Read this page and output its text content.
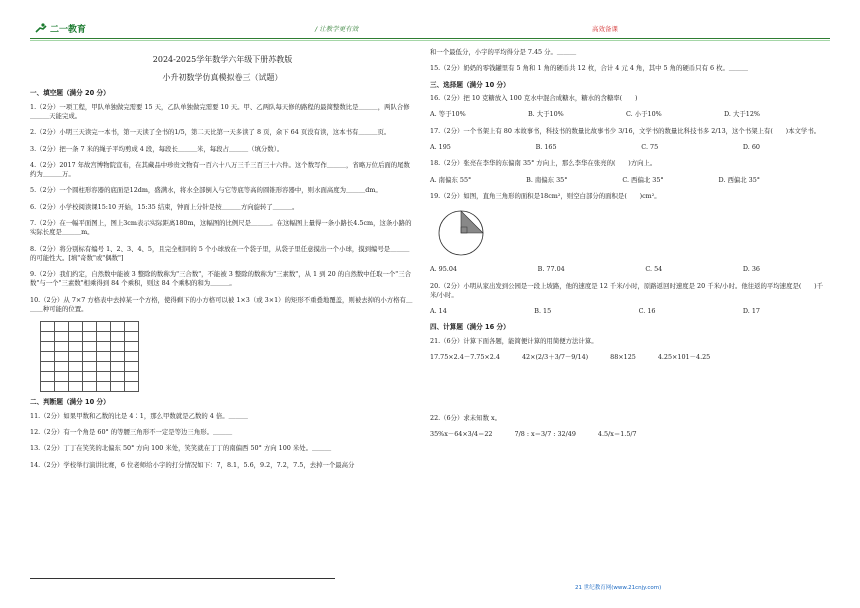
二一教育	/ 让教学更有效	高效备课
2024-2025学年数学六年级下册苏教版
小升初数学仿真模拟卷三（试题）
一、填空题（满分 20 分）
1.（2分）一项工程，甲队单独做完需要 15 天，乙队单独做完需要 10 天。甲、乙两队每天修的路程的最简整数比是＿＿＿，两队合修＿＿＿天能完成。
2.（2分）小明三天读完一本书，第一天读了全书的1/5，第二天比第一天多读了 8 页，余下 64 页没有读，这本书有＿＿＿页。
3.（2分）把一条 7 米的绳子平均剪成 4 段，每段长＿＿＿米，每段占＿＿＿（填分数）。
4.（2分）2017 年故宫博物院宣布，在其藏品中珍贵文物有一百六十八万三千三百三十六件。这个数写作＿＿＿，省略万位后面的尾数约为＿＿＿万。
5.（2分）一个圆柱形容器的底面是12dm，盛满水，将水全部倒入与它等底等高的圆锥形容器中，则水面高度为＿＿＿dm。
6.（2分）小学校阅读课15:10 开始，15:35 结束，钟面上分针是按＿＿＿方向旋转了＿＿＿。
7.（2分）在一幅平面图上，图上3cm表示实际距离180m，这幅图的比例尺是＿＿＿。在这幅图上量得一条小路长4.5cm，这条小路的实际长度是＿＿＿m。
8.（2分）将分别标有编号 1、2、3、4、5，且完全相同的 5 个小球放在一个袋子里，从袋子里任意摸出一个小球，摸到编号是＿＿＿的可能性大。[填"奇数"或"偶数"]
9.（2分）我们约定，自然数中能被 3 整除的数称为"三合数"，不能被 3 整除的数称为"三素数"，从 1 到 20 的自然数中任取一个"三合数"与一个"三素数"相乘得到 84 个乘积，则这 84 个乘积的和为＿＿＿。
10.（2分）从 7×7 方格表中去掉某一个方格，使得剩下的小方格可以被 1×3（或 3×1）的矩形不重叠地覆盖，则被去掉的小方格有＿＿＿种可能的位置。
二、判断题（满分 10 分）
11.（2分）如果甲数和乙数的比是 4∶1，那么甲数就是乙数的 4 倍。＿＿＿
12.（2分）有一个角是 60° 的等腰三角形不一定是等边三角形。＿＿＿
13.（2分）丁丁在笑笑的北偏东 50° 方向 100 米处，笑笑就在丁丁的南偏西 50° 方向 100 米处。＿＿＿
14.（2分）学校举行演讲比赛，6 位老师给小宇的打分情况如下：7，8.1，5.6，9.2，7.2，7.5，去掉一个最高分
和一个最低分，小宇的平均得分是 7.45 分。＿＿＿
15.（2分）奶奶的零钱罐里有 5 角和 1 角的硬币共 12 枚，合计 4 元 4 角，其中 5 角的硬币只有 6 枚。＿＿＿
三、选择题（满分 10 分）
16.（2分）把 10 克糖放入 100 克水中混合成糖水，糖水的含糖率(　　)
A. 等于10%	B. 大于10%	C. 小于10%	D. 大于12%
17.（2分）一个书架上有 80 本故事书，科技书的数量比故事书少 3/16，文学书的数量比科技书多 2/13，这个书架上有(　　)本文学书。
A. 195	B. 165	C. 75	D. 60
18.（2分）张亮在李华的东偏南 35° 方向上，那么李华在张亮的(　　)方向上。
A. 南偏东 55°	B. 南偏东 35°	C. 西偏北 35°	D. 西偏北 35°
19.（2分）如图，直角三角形的面积是18cm²，则空白部分的面积是(　　)cm²。
A. 95.04	B. 77.04	C. 54	D. 36
20.（2分）小明从家出发到公园是一段上坡路，他的速度是 12 千米/小时，原路返回时速度是 20 千米/小时。他往返的平均速度是(　　)千米/小时。
A. 14	B. 15	C. 16	D. 17
四、计算题（满分 16 分）
21.（6分）计算下面各题，能简便计算的用简便方法计算。
17.75×2.4－7.75×2.4	42×(2/3＋3/7－9/14)	88×125	4.25×101－4.25
22.（6分）求未知数 x。
35%x－64×3/4＝22	7/8 : x＝3/7 : 32/49	4.5/x＝1.5/7
21 世纪教育网(www.21cnjy.com)
